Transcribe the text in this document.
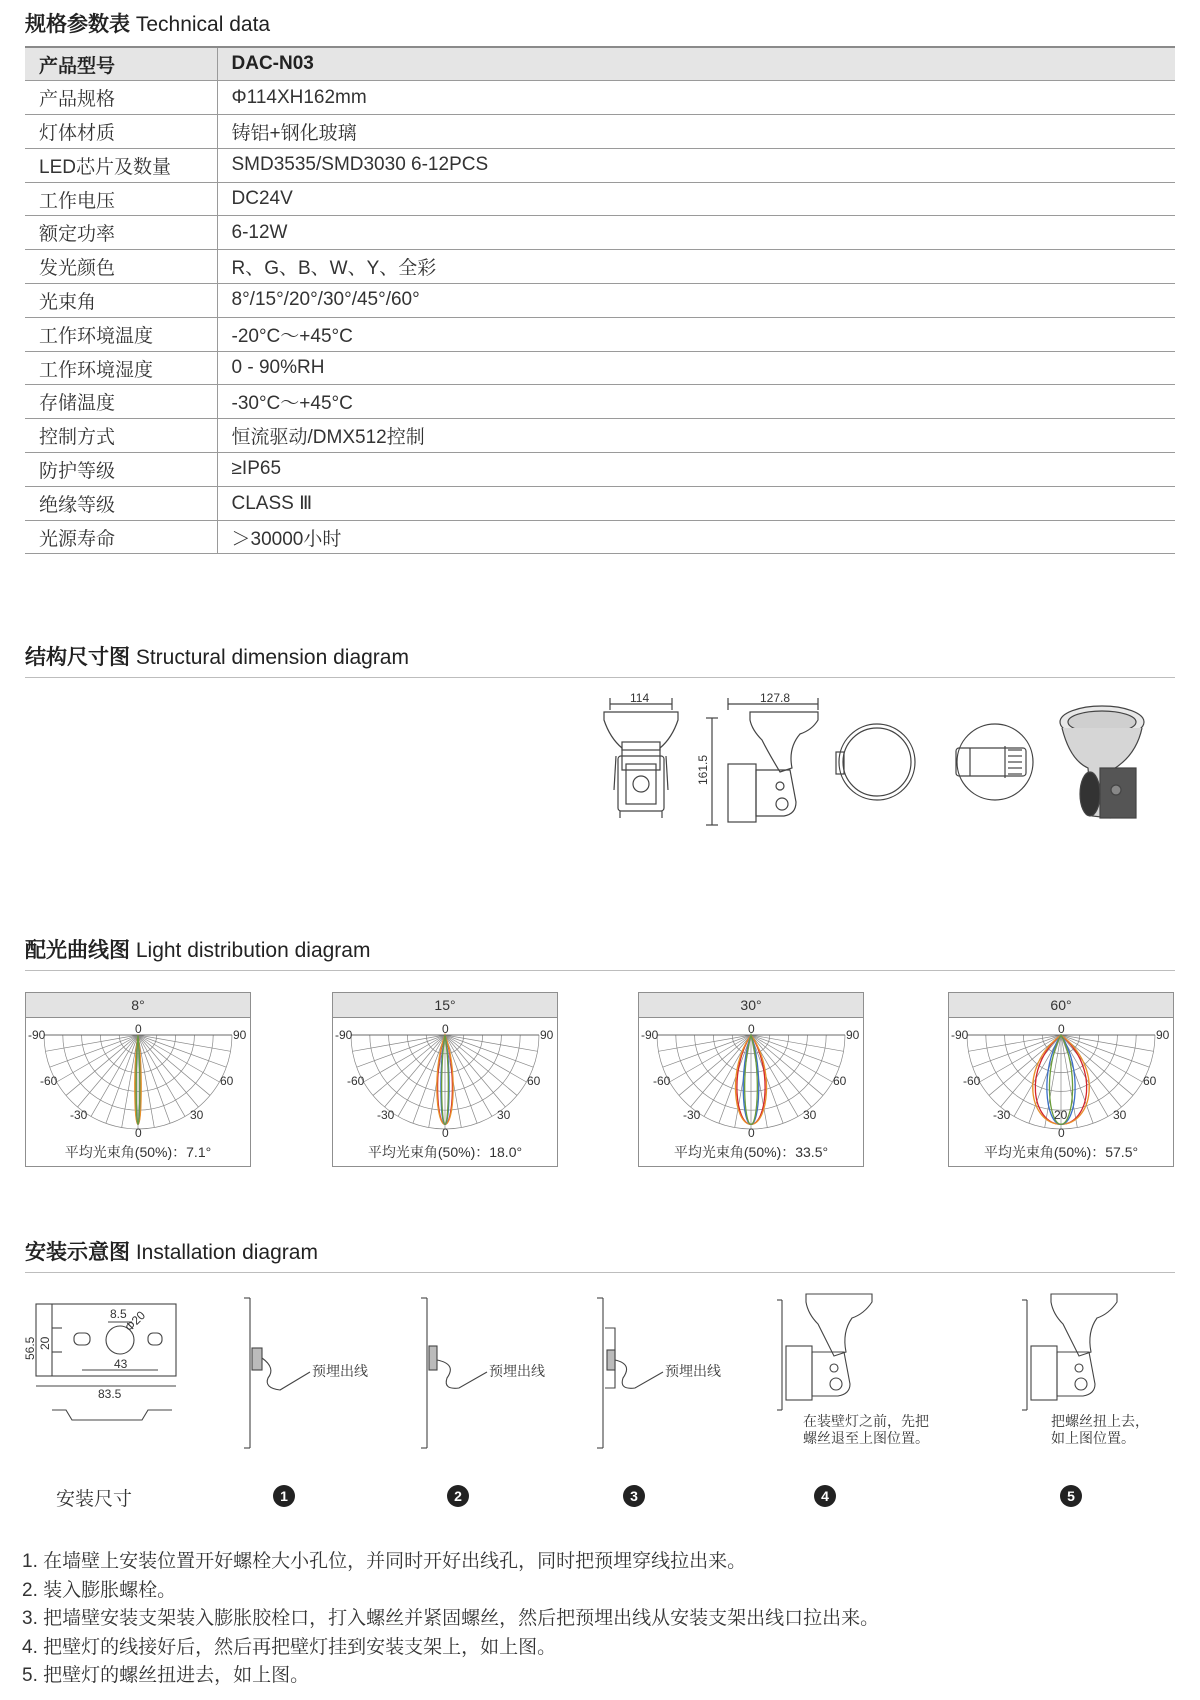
规格参数表 Technical data
产品型号	DAC-N03
产品规格	Φ114XH162mm
灯体材质	铸铝+钢化玻璃
LED芯片及数量	SMD3535/SMD3030 6-12PCS
工作电压	DC24V
额定功率	6-12W
发光颜色	R、G、B、W、Y、全彩
光束角	8°/15°/20°/30°/45°/60°
工作环境温度	-20°C～+45°C
工作环境湿度	0 - 90%RH
存储温度	-30°C～+45°C
控制方式	恒流驱动/DMX512控制
防护等级	≥IP65
绝缘等级	CLASS Ⅲ
光源寿命	＞30000小时
结构尺寸图 Structural dimension diagram
114	127.8
161.5
配光曲线图 Light distribution diagram
8°
-90	90
-60	60
-30	30
0
0
平均光束角(50%)：7.1°
15°
-90	90
-60	60
-30	30
0
0
平均光束角(50%)：18.0°
30°
-90	90
-60	60
-30	30
0
0
平均光束角(50%)：33.5°
60°
-90	90
-60	60
-30	30
0
0
20
平均光束角(50%)：57.5°
安装示意图 Installation diagram
8.5
Φ20
56.5 20
43
83.5
预埋出线	预埋出线	预埋出线
在装壁灯之前，先把
螺丝退至上图位置。
把螺丝扭上去，
如上图位置。
安装尺寸	1	2	3	4	5
1. 在墙壁上安装位置开好螺栓大小孔位，并同时开好出线孔，同时把预埋穿线拉出来。
2. 装入膨胀螺栓。
3. 把墙壁安装支架装入膨胀胶栓口，打入螺丝并紧固螺丝，然后把预埋出线从安装支架出线口拉出来。
4. 把壁灯的线接好后，然后再把壁灯挂到安装支架上，如上图。
5. 把壁灯的螺丝扭进去，如上图。
